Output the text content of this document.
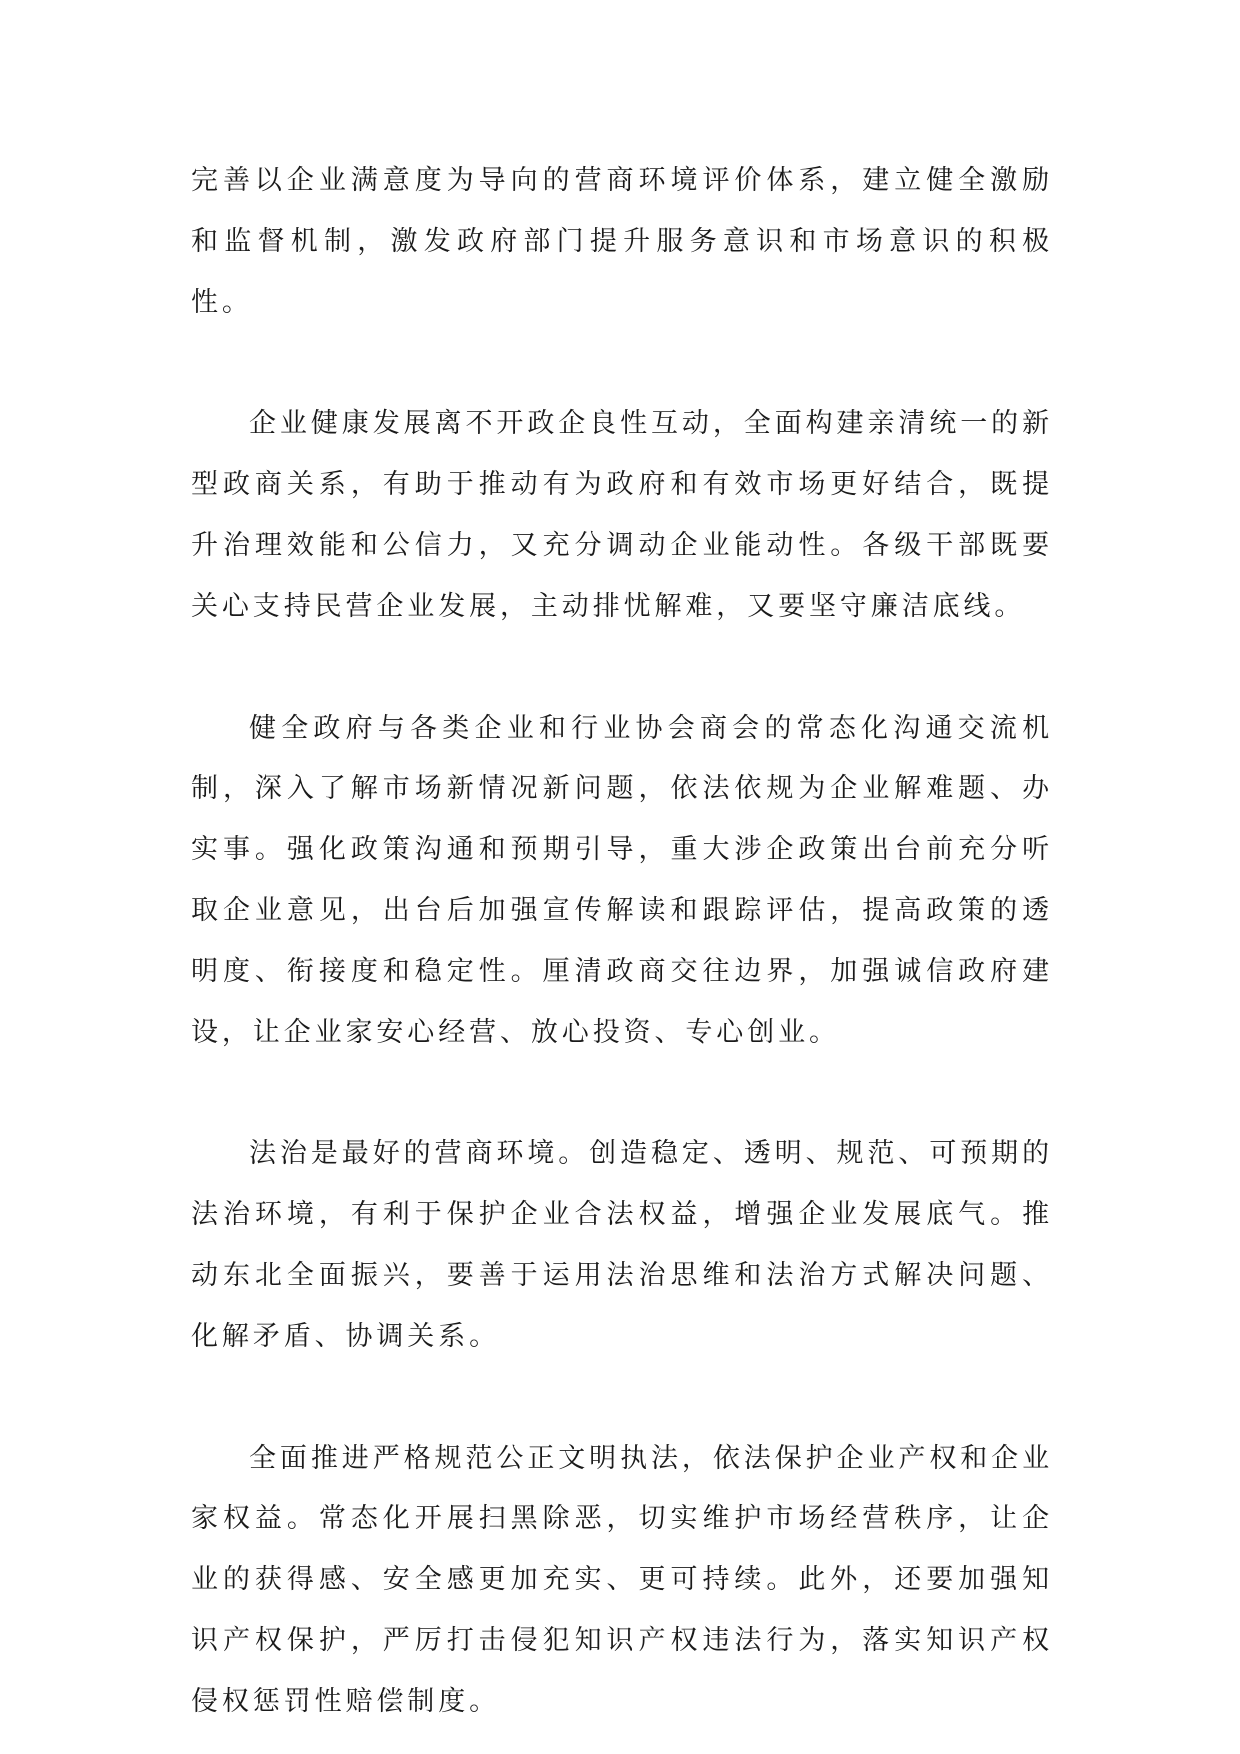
完善以企业满意度为导向的营商环境评价体系，建立健全激励和监督机制，激发政府部门提升服务意识和市场意识的积极性。

企业健康发展离不开政企良性互动，全面构建亲清统一的新型政商关系，有助于推动有为政府和有效市场更好结合，既提升治理效能和公信力，又充分调动企业能动性。各级干部既要关心支持民营企业发展，主动排忧解难，又要坚守廉洁底线。

健全政府与各类企业和行业协会商会的常态化沟通交流机制，深入了解市场新情况新问题，依法依规为企业解难题、办实事。强化政策沟通和预期引导，重大涉企政策出台前充分听取企业意见，出台后加强宣传解读和跟踪评估，提高政策的透明度、衔接度和稳定性。厘清政商交往边界，加强诚信政府建设，让企业家安心经营、放心投资、专心创业。

法治是最好的营商环境。创造稳定、透明、规范、可预期的法治环境，有利于保护企业合法权益，增强企业发展底气。推动东北全面振兴，要善于运用法治思维和法治方式解决问题、化解矛盾、协调关系。

全面推进严格规范公正文明执法，依法保护企业产权和企业家权益。常态化开展扫黑除恶，切实维护市场经营秩序，让企业的获得感、安全感更加充实、更可持续。此外，还要加强知识产权保护，严厉打击侵犯知识产权违法行为，落实知识产权侵权惩罚性赔偿制度。
